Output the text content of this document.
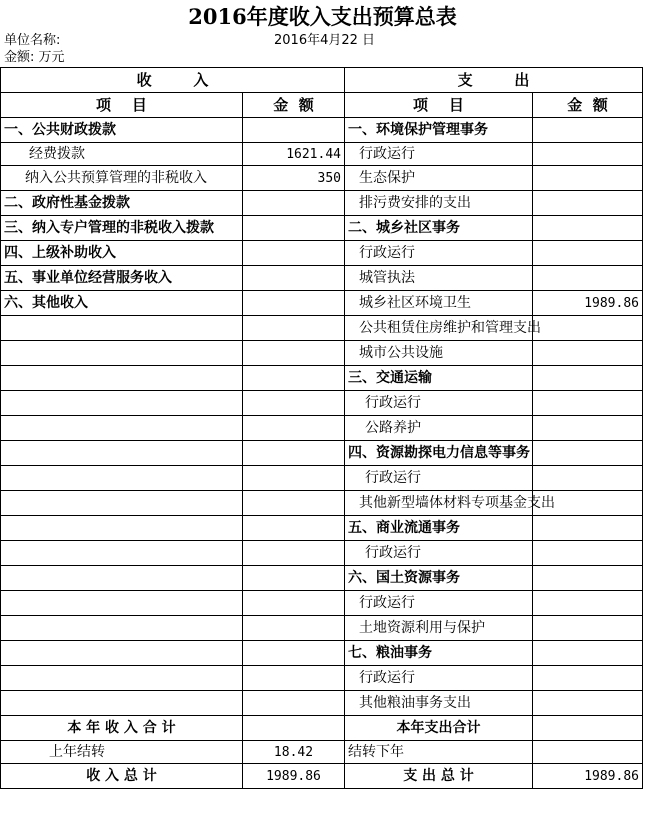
2016年度收入支出预算总表
单位名称:	2016年4月22 日
金额: 万元
收        入		支        出	
项    目	金  额	项    目	金  额
一、公共财政拨款		一、环境保护管理事务	
经费拨款	1621.44	行政运行	
纳入公共预算管理的非税收入	350	生态保护	
二、政府性基金拨款		排污费安排的支出	
三、纳入专户管理的非税收入拨款		二、城乡社区事务	
四、上级补助收入		行政运行	
五、事业单位经营服务收入		城管执法	
六、其他收入		城乡社区环境卫生	1989.86
		公共租赁住房维护和管理支出	
		城市公共设施	
		三、交通运输	
		行政运行	
		公路养护	
		四、资源勘探电力信息等事务	
		行政运行	
		其他新型墙体材料专项基金支出	
		五、商业流通事务	
		行政运行	
		六、国土资源事务	
		行政运行	
		土地资源利用与保护	
		七、粮油事务	
		行政运行	
		其他粮油事务支出	
本 年 收 入 合 计		本年支出合计	
上年结转	18.42	结转下年	
收 入 总 计	1989.86	支 出 总 计	1989.86
